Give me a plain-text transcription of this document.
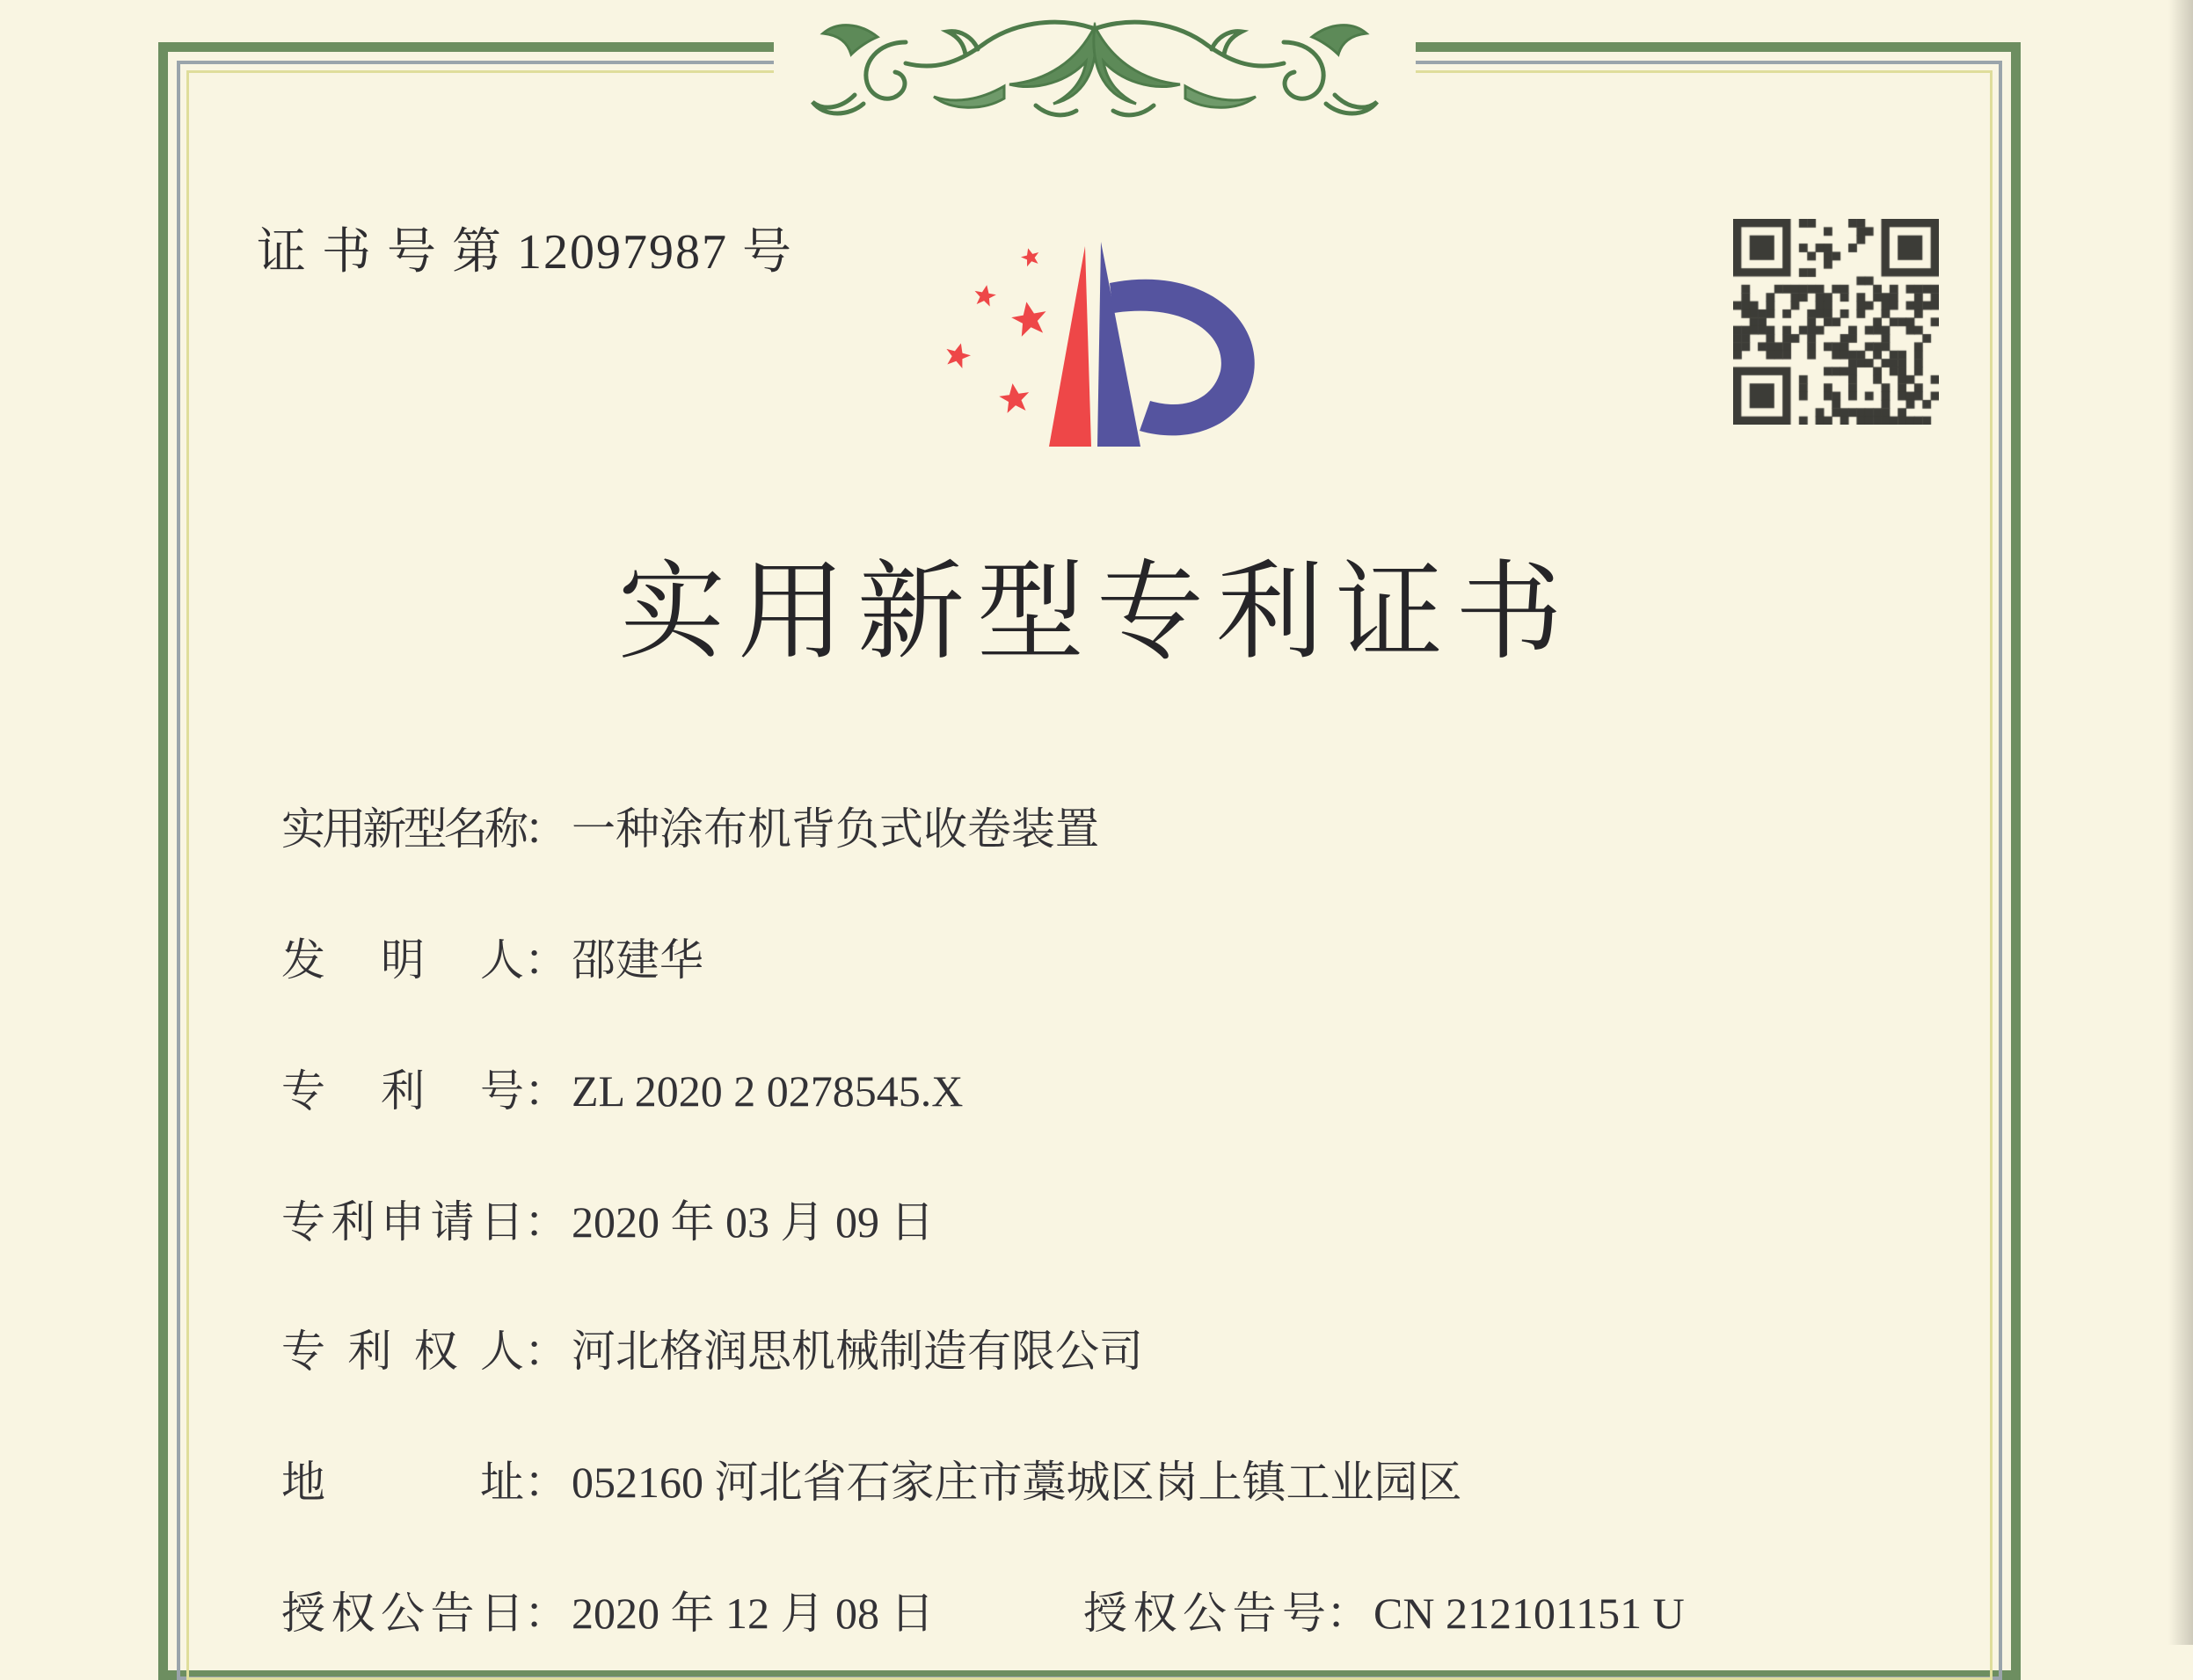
证 书 号 第 12097987 号
实用新型专利证书
实用新型名称：一种涂布机背负式收卷装置
发 明 人：邵建华
专 利 号：ZL 2020 2 0278545.X
专利申请日：2020 年 03 月 09 日
专 利 权 人：河北格润思机械制造有限公司
地 址：052160 河北省石家庄市藁城区岗上镇工业园区
授权公告日：2020 年 12 月 08 日	授权公告号：CN 212101151 U
